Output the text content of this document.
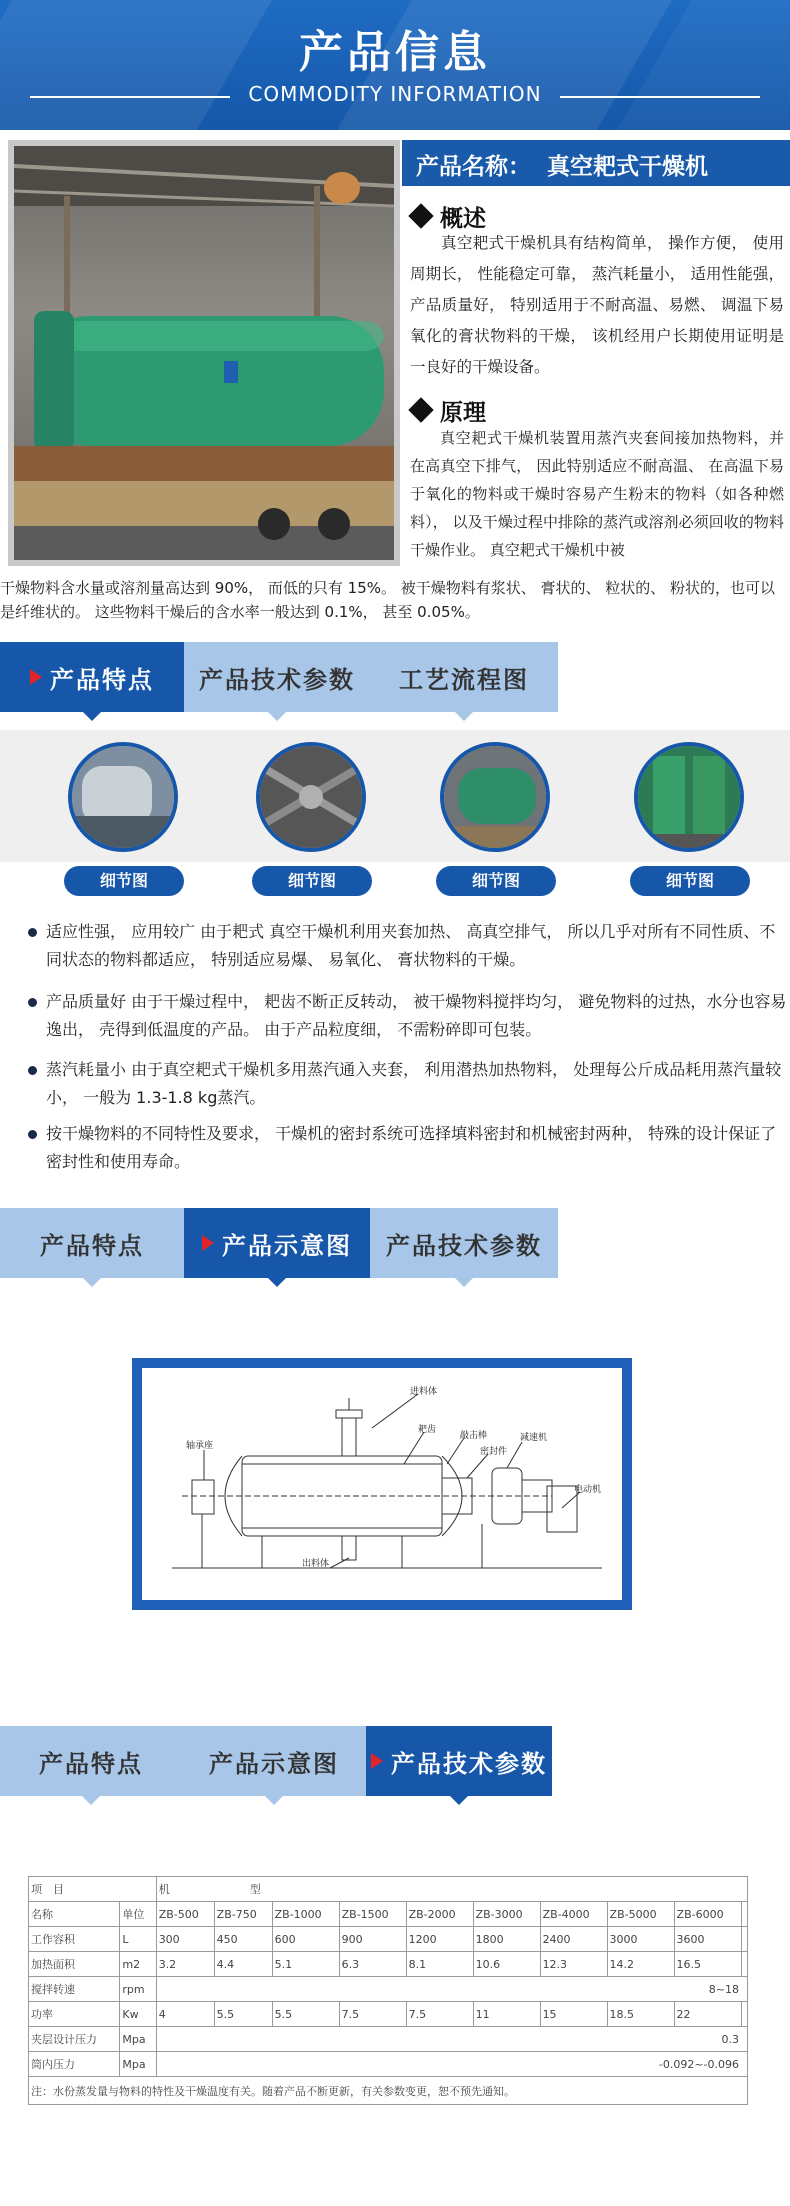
产品信息
COMMODITY INFORMATION
产品名称： 真空耙式干燥机
概述
真空耙式干燥机具有结构简单， 操作方便， 使用周期长， 性能稳定可靠， 蒸汽耗量小， 适用性能强， 产品质量好， 特别适用于不耐高温、易燃、 调温下易氧化的膏状物料的干燥， 该机经用户长期使用证明是一良好的干燥设备。
原理
真空耙式干燥机装置用蒸汽夹套间接加热物料，并在高真空下排气， 因此特别适应不耐高温、 在高温下易于氧化的物料或干燥时容易产生粉末的物料（如各种燃料）， 以及干燥过程中排除的蒸汽或溶剂必须回收的物料干燥作业。 真空耙式干燥机中被
干燥物料含水量或溶剂量高达到 90%， 而低的只有 15%。 被干燥物料有浆状、 膏状的、 粒状的、 粉状的，也可以是纤维状的。 这些物料干燥后的含水率一般达到 0.1%， 甚至 0.05%。
产品特点 产品技术参数 工艺流程图
细节图	细节图	细节图	细节图
适应性强， 应用较广 由于耙式 真空干燥机利用夹套加热、 高真空排气， 所以几乎对所有不同性质、不同状态的物料都适应， 特别适应易爆、 易氧化、 膏状物料的干燥。
产品质量好 由于干燥过程中， 耙齿不断正反转动， 被干燥物料搅拌均匀， 避免物料的过热，水分也容易逸出， 壳得到低温度的产品。 由于产品粒度细， 不需粉碎即可包装。
蒸汽耗量小 由于真空耙式干燥机多用蒸汽通入夹套， 利用潜热加热物料， 处理每公斤成品耗用蒸汽量较小， 一般为 1.3-1.8 kg蒸汽。
按干燥物料的不同特性及要求， 干燥机的密封系统可选择填料密封和机械密封两种， 特殊的设计保证了密封性和使用寿命。
产品特点	产品示意图 产品技术参数
进料体
耙齿
敲击棒	减速机
轴承座
密封件
电动机
出料体
产品特点	产品示意图 产品技术参数
项　目		机 型									
名称	单位	ZB-500	ZB-750	ZB-1000	ZB-1500	ZB-2000	ZB-3000	ZB-4000	ZB-5000	ZB-6000	
工作容积	L	300	450	600	900	1200	1800	2400	3000	3600	
加热面积	m2	3.2	4.4	5.1	6.3	8.1	10.6	12.3	14.2	16.5	
搅拌转速	rpm	8~18									
功率	Kw	4	5.5	5.5	7.5	7.5	11	15	18.5	22	
夹层设计压力	Mpa	0.3									
筒内压力	Mpa	-0.092~-0.096									
注：水份蒸发量与物料的特性及干燥温度有关。随着产品不断更新，有关参数变更，恕不预先通知。											
